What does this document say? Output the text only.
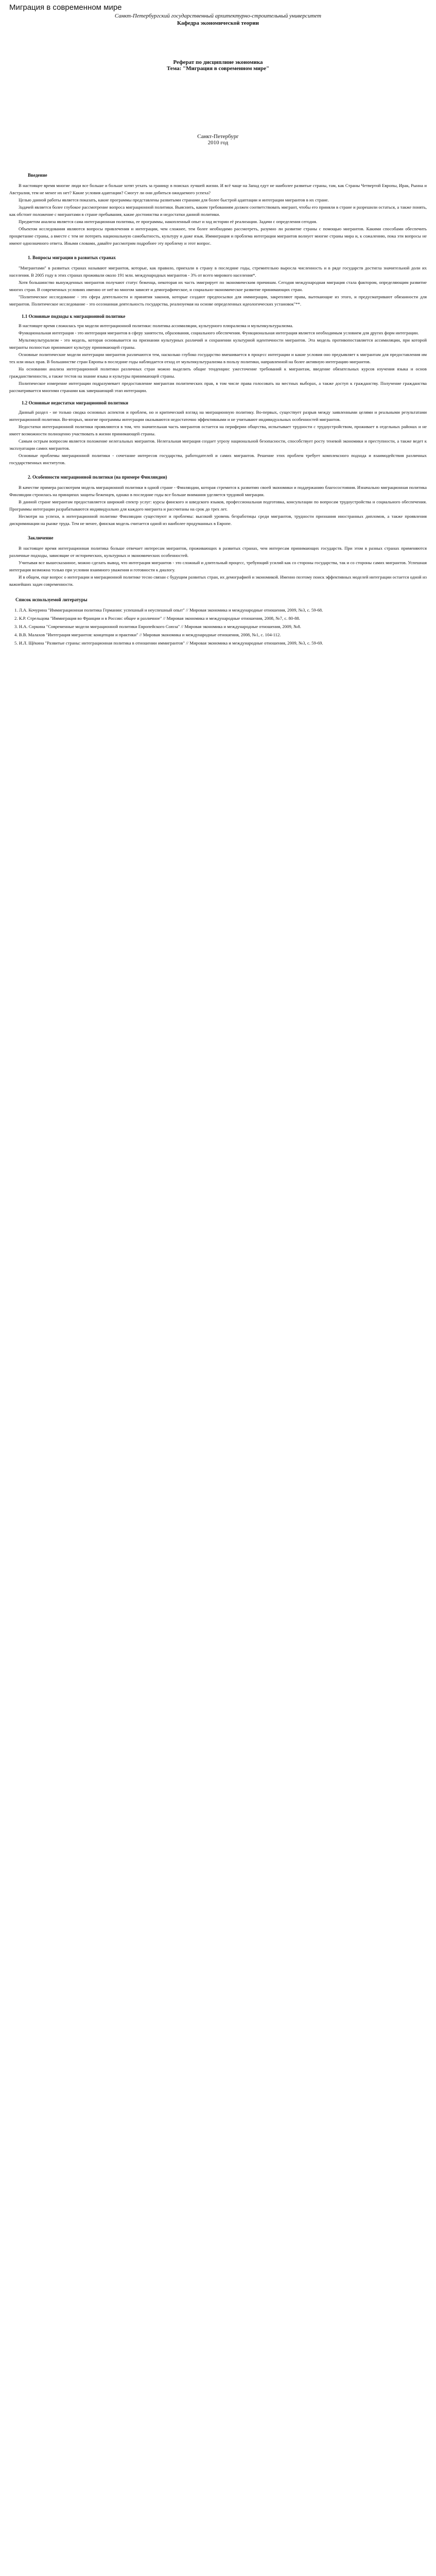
Миграция в современном мире

Санкт-Петербургский государственный архитектурно-строительный университет

Кафедра экономической теории

Реферат по дисциплине экономика

Тема: "Миграция в современном мире"

Санкт-Петербург

2010 год

Введение

В настоящее время многие люди все больше и больше хотят уехать за границу в поисках лучшей жизни. И всё чаще на Запад едут не наиболее развитые страны, там, как Страны Четвертой Европы, Ирак, Рынна и Австралия, тем не менее их нет? Какие условия адаптации? Смогут ли они добиться ожидаемого успеха?

Целью данной работы является показать, какие программы представлены развитыми странами для более быстрой адаптации и интеграции мигрантов в их стране.

Задачей является более глубокое рассмотрение вопроса миграционной политики. Выяснить, каким требованиям должен соответствовать мигрант, чтобы его приняли в стране и разрешили остаться, а также понять, как обстоит положение с мигрантами в стране пребывания, какие достоинства и недостатки данной политики.

Предметом анализа является сама интеграционная политика, ее программы, накопленный опыт и ход истории её реализации. Задачи с определения сегодня.

Объектом исследования являются вопросы привлечения и интеграции, чем сложнее, тем более необходимо рассмотреть, разумно ли развитие страны с помощью мигрантов. Какими способами обеспечить процветание страны, а вместе с тем не потерять национальную самобытность, культуру и даже язык. Иммиграция и проблема интеграции мигрантов волнует многие страны мира и, к сожалению, пока эти вопросы не имеют однозначного ответа. Иными словами, давайте рассмотрим подробнее эту проблему и этот вопрос.

1. Вопросы миграции в развитых странах

"Мигрантами" в развитых странах называют мигрантов, которые, как правило, приехали в страну в последние годы, стремительно выросла численность и в ряде государств достигла значительной доли их населения. В 2005 году в этих странах проживали около 191 млн. международных мигрантов - 3% от всего мирового населения*.

Хотя большинство вынужденных мигрантов получают статус беженца, некоторая их часть эмигрирует по экономическим причинам. Сегодня международная миграция стала фактором, определяющим развитие многих стран. В современных условиях именно от неё во многом зависят и демографическое, и социально-экономическое развитие принимающих стран.

"Политическое исследование - это сфера деятельности и принятия законов, которые создают предпосылки для иммиграции, закрепляют права, вытекающие из этого, и предусматривают обязанности для мигрантов. Политическое исследование - это осознанная деятельность государства, реализуемая на основе определенных идеологических установок"**.

1.1 Основные подходы к миграционной политике

В настоящее время сложилась три модели интеграционной политики: политика ассимиляции, культурного плюрализма и мультикультурализма.

Функциональная интеграция - это интеграция мигрантов в сферу занятости, образования, социального обеспечения. Функциональная интеграция является необходимым условием для других форм интеграции.

Мультикультурализм - это модель, которая основывается на признании культурных различий и сохранении культурной идентичности мигрантов. Эта модель противопоставляется ассимиляции, при которой мигранты полностью принимают культуру принимающей страны.

Основные политические модели интеграции мигрантов различаются тем, насколько глубоко государство вмешивается в процесс интеграции и какие условия оно предъявляет к мигрантам для предоставления им тех или иных прав. В большинстве стран Европы в последние годы наблюдается отход от мультикультурализма в пользу политики, направленной на более активную интеграцию мигрантов.

На основании анализа интеграционной политики различных стран можно выделить общие тенденции: ужесточение требований к мигрантам, введение обязательных курсов изучения языка и основ гражданственности, а также тестов на знание языка и культуры принимающей страны.

Политическое измерение интеграции подразумевает предоставление мигрантам политических прав, в том числе права голосовать на местных выборах, а также доступ к гражданству. Получение гражданства рассматривается многими странами как завершающий этап интеграции.

1.2 Основные недостатки миграционной политики

Данный раздел - не только сводка основных аспектов и проблем, но и критический взгляд на миграционную политику. Во-первых, существует разрыв между заявленными целями и реальными результатами интеграционной политики. Во-вторых, многие программы интеграции оказываются недостаточно эффективными и не учитывают индивидуальных особенностей мигрантов.

Недостатки интеграционной политики проявляются в том, что значительная часть мигрантов остается на периферии общества, испытывает трудности с трудоустройством, проживает в отдельных районах и не имеет возможности полноценно участвовать в жизни принимающей страны.

Самым острым вопросом является положение нелегальных мигрантов. Нелегальная миграция создает угрозу национальной безопасности, способствует росту теневой экономики и преступности, а также ведет к эксплуатации самих мигрантов.

Основные проблемы миграционной политики - сочетание интересов государства, работодателей и самих мигрантов. Решение этих проблем требует комплексного подхода и взаимодействия различных государственных институтов.

2. Особенности миграционной политики (на примере Финляндии)

В качестве примера рассмотрим модель миграционной политики в одной стране - Финляндии, которая стремится к развитию своей экономики и поддержанию благосостояния. Изначально миграционная политика Финляндии строилась на принципах защиты беженцев, однако в последние годы все больше внимания уделяется трудовой миграции.

В данной стране мигрантам предоставляется широкий спектр услуг: курсы финского и шведского языков, профессиональная подготовка, консультации по вопросам трудоустройства и социального обеспечения. Программы интеграции разрабатываются индивидуально для каждого мигранта и рассчитаны на срок до трех лет.

Несмотря на успехи, в интеграционной политике Финляндии существуют и проблемы: высокий уровень безработицы среди мигрантов, трудности признания иностранных дипломов, а также проявления дискриминации на рынке труда. Тем не менее, финская модель считается одной из наиболее продуманных в Европе.

Заключение

В настоящее время интеграционная политика больше отвечает интересам мигрантов, проживающих в развитых странах, чем интересам принимающих государств. При этом в разных странах применяются различные подходы, зависящие от исторических, культурных и экономических особенностей.

Учитывая все вышесказанное, можно сделать вывод, что интеграция мигрантов - это сложный и длительный процесс, требующий усилий как со стороны государства, так и со стороны самих мигрантов. Успешная интеграция возможна только при условии взаимного уважения и готовности к диалогу.

И в общем, еще вопрос о интеграции и миграционной политике тесно связан с будущим развитых стран, их демографией и экономикой. Именно поэтому поиск эффективных моделей интеграции остается одной из важнейших задач современности.

Список используемой литературы
1. Л.А. Кочурина "Иммиграционная политика Германии: успешный и неуспешный опыт" // Мировая экономика и международные отношения, 2009, №3, с. 59-68.
2. К.Р. Стрельцова "Иммиграция во Франции и в России: общее и различное" // Мировая экономика и международные отношения, 2008, №7, с. 80-88.
3. Н.А. Соркина "Современные модели миграционной политики Европейского Союза" // Мировая экономика и международные отношения, 2009, №8.
4. В.В. Малахов "Интеграция мигрантов: концепции и практики" // Мировая экономика и международные отношения, 2008, №1, с. 104-112.
5. И.Л. Щёкина "Развитые страны: интеграционная политика в отношении иммигрантов" // Мировая экономика и международные отношения, 2009, №3, с. 59-69.
